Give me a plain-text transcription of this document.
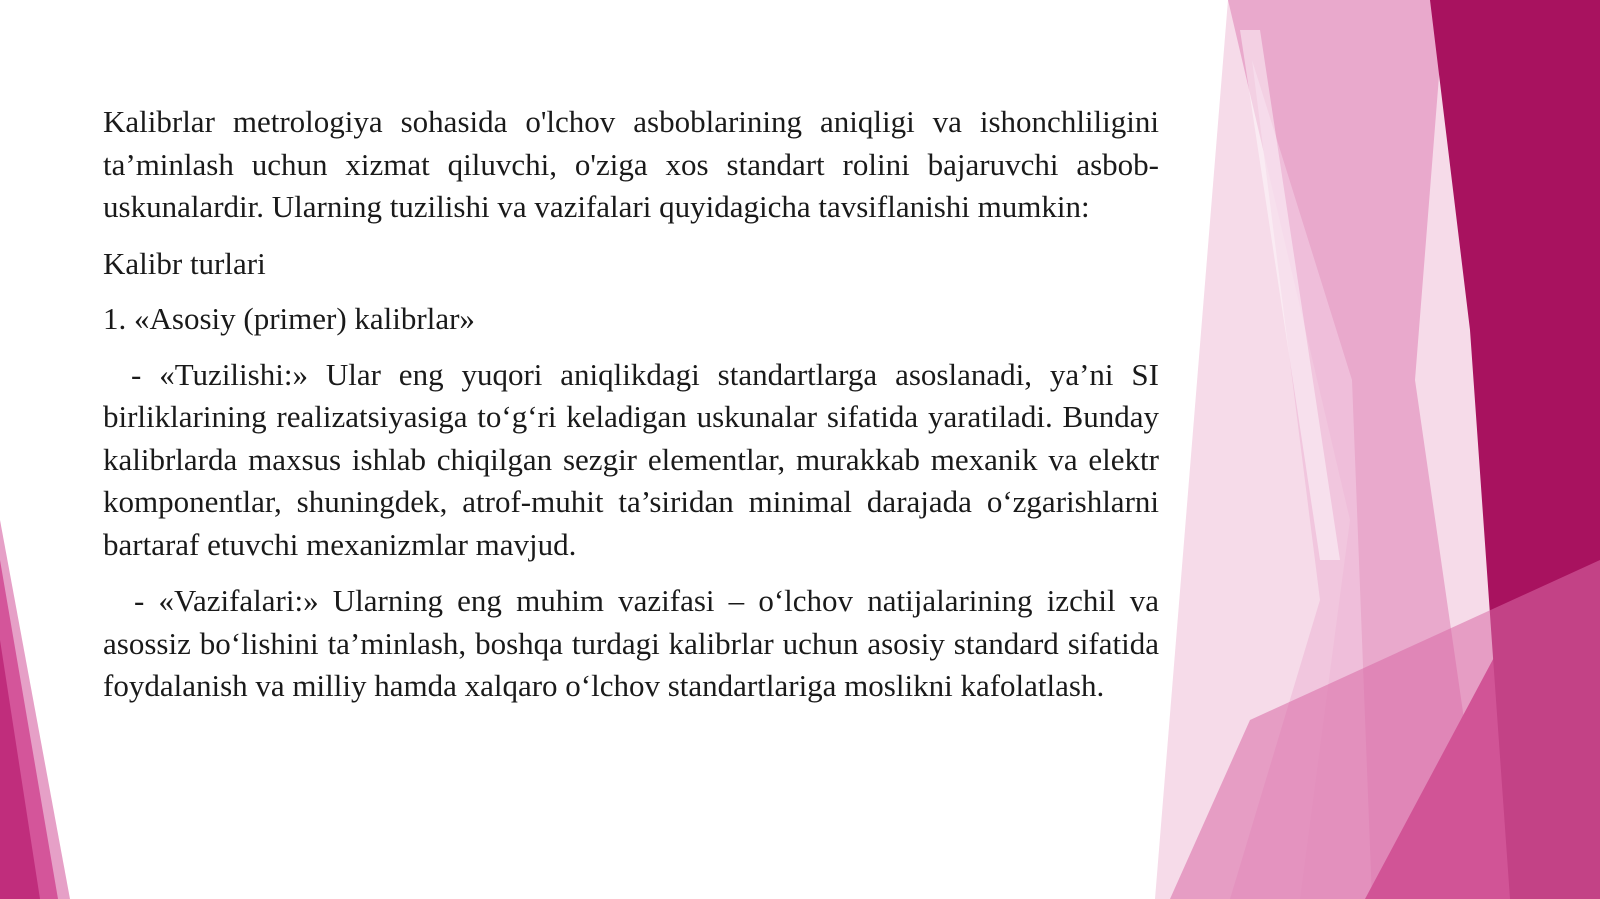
Kalibrlar metrologiya sohasida o'lchov asboblarining aniqligi va ishonchliligini ta’minlash uchun xizmat qiluvchi, o'ziga xos standart rolini bajaruvchi asbob-uskunalardir. Ularning tuzilishi va vazifalari quyidagicha tavsiflanishi mumkin:

Kalibr turlari

1. «Asosiy (primer) kalibrlar»

- «Tuzilishi:» Ular eng yuqori aniqlikdagi standartlarga asoslanadi, ya’ni SI birliklarining realizatsiyasiga to‘g‘ri keladigan uskunalar sifatida yaratiladi. Bunday kalibrlarda maxsus ishlab chiqilgan sezgir elementlar, murakkab mexanik va elektr komponentlar, shuningdek, atrof-muhit ta’siridan minimal darajada o‘zgarishlarni bartaraf etuvchi mexanizmlar mavjud.

- «Vazifalari:» Ularning eng muhim vazifasi – o‘lchov natijalarining izchil va asossiz bo‘lishini ta’minlash, boshqa turdagi kalibrlar uchun asosiy standard sifatida foydalanish va milliy hamda xalqaro o‘lchov standartlariga moslikni kafolatlash.
